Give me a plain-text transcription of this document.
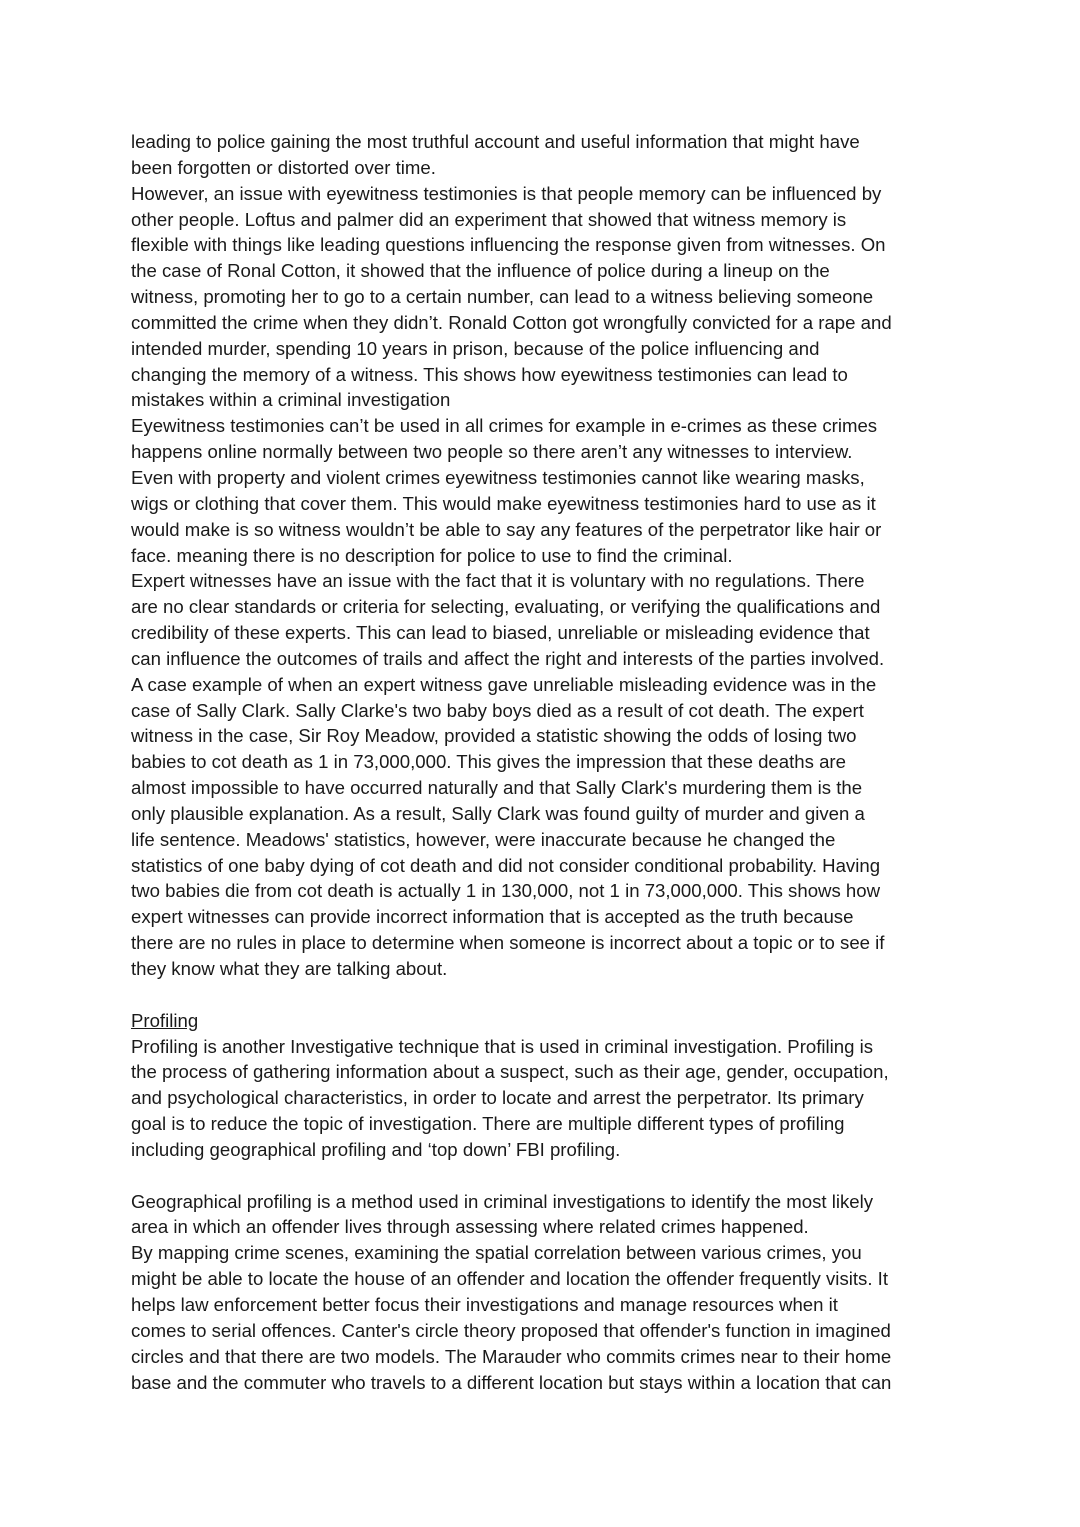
leading to police gaining the most truthful account and useful information that might have
been forgotten or distorted over time.
However, an issue with eyewitness testimonies is that people memory can be influenced by
other people. Loftus and palmer did an experiment that showed that witness memory is
flexible with things like leading questions influencing the response given from witnesses. On
the case of Ronal Cotton, it showed that the influence of police during a lineup on the
witness, promoting her to go to a certain number, can lead to a witness believing someone
committed the crime when they didn’t. Ronald Cotton got wrongfully convicted for a rape and
intended murder, spending 10 years in prison, because of the police influencing and
changing the memory of a witness. This shows how eyewitness testimonies can lead to
mistakes within a criminal investigation
Eyewitness testimonies can’t be used in all crimes for example in e-crimes as these crimes
happens online normally between two people so there aren’t any witnesses to interview.
Even with property and violent crimes eyewitness testimonies cannot like wearing masks,
wigs or clothing that cover them. This would make eyewitness testimonies hard to use as it
would make is so witness wouldn’t be able to say any features of the perpetrator like hair or
face. meaning there is no description for police to use to find the criminal.
Expert witnesses have an issue with the fact that it is voluntary with no regulations. There
are no clear standards or criteria for selecting, evaluating, or verifying the qualifications and
credibility of these experts. This can lead to biased, unreliable or misleading evidence that
can influence the outcomes of trails and affect the right and interests of the parties involved.
A case example of when an expert witness gave unreliable misleading evidence was in the
case of Sally Clark. Sally Clarke's two baby boys died as a result of cot death. The expert
witness in the case, Sir Roy Meadow, provided a statistic showing the odds of losing two
babies to cot death as 1 in 73,000,000. This gives the impression that these deaths are
almost impossible to have occurred naturally and that Sally Clark's murdering them is the
only plausible explanation. As a result, Sally Clark was found guilty of murder and given a
life sentence. Meadows' statistics, however, were inaccurate because he changed the
statistics of one baby dying of cot death and did not consider conditional probability. Having
two babies die from cot death is actually 1 in 130,000, not 1 in 73,000,000. This shows how
expert witnesses can provide incorrect information that is accepted as the truth because
there are no rules in place to determine when someone is incorrect about a topic or to see if
they know what they are talking about.
Profiling
Profiling is another Investigative technique that is used in criminal investigation. Profiling is
the process of gathering information about a suspect, such as their age, gender, occupation,
and psychological characteristics, in order to locate and arrest the perpetrator. Its primary
goal is to reduce the topic of investigation. There are multiple different types of profiling
including geographical profiling and ‘top down’ FBI profiling.
Geographical profiling is a method used in criminal investigations to identify the most likely
area in which an offender lives through assessing where related crimes happened.
By mapping crime scenes, examining the spatial correlation between various crimes, you
might be able to locate the house of an offender and location the offender frequently visits. It
helps law enforcement better focus their investigations and manage resources when it
comes to serial offences. Canter's circle theory proposed that offender's function in imagined
circles and that there are two models. The Marauder who commits crimes near to their home
base and the commuter who travels to a different location but stays within a location that can
